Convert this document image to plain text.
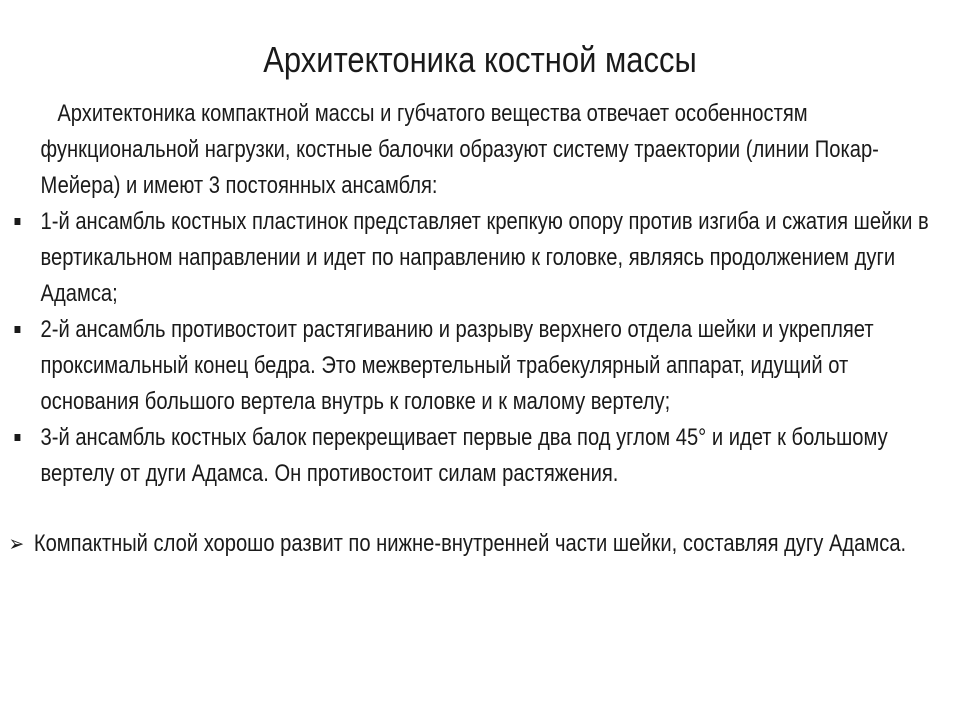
Архитектоника костной массы

Архитектоника компактной массы и губчатого вещества отвечает особенностям функциональной нагрузки, костные балочки образуют систему траектории (линии Покар-Мейера) и имеют 3 постоянных ансамбля:

1-й ансамбль костных пластинок представляет крепкую опору против изгиба и сжатия шейки в вертикальном направлении и идет по направлению к головке, являясь продолжением дуги Адамса;
2-й ансамбль противостоит растягиванию и разрыву верхнего отдела шейки и укрепляет проксимальный конец бедра. Это межвертельный трабекулярный аппарат, идущий от основания большого вертела внутрь к головке и к малому вертелу;
3-й ансамбль костных балок перекрещивает первые два под углом 45° и идет к большому вертелу от дуги Адамса. Он противостоит силам растяжения.
➢ Компактный слой хорошо развит по нижне-внутренней части шейки, составляя дугу Адамса.
